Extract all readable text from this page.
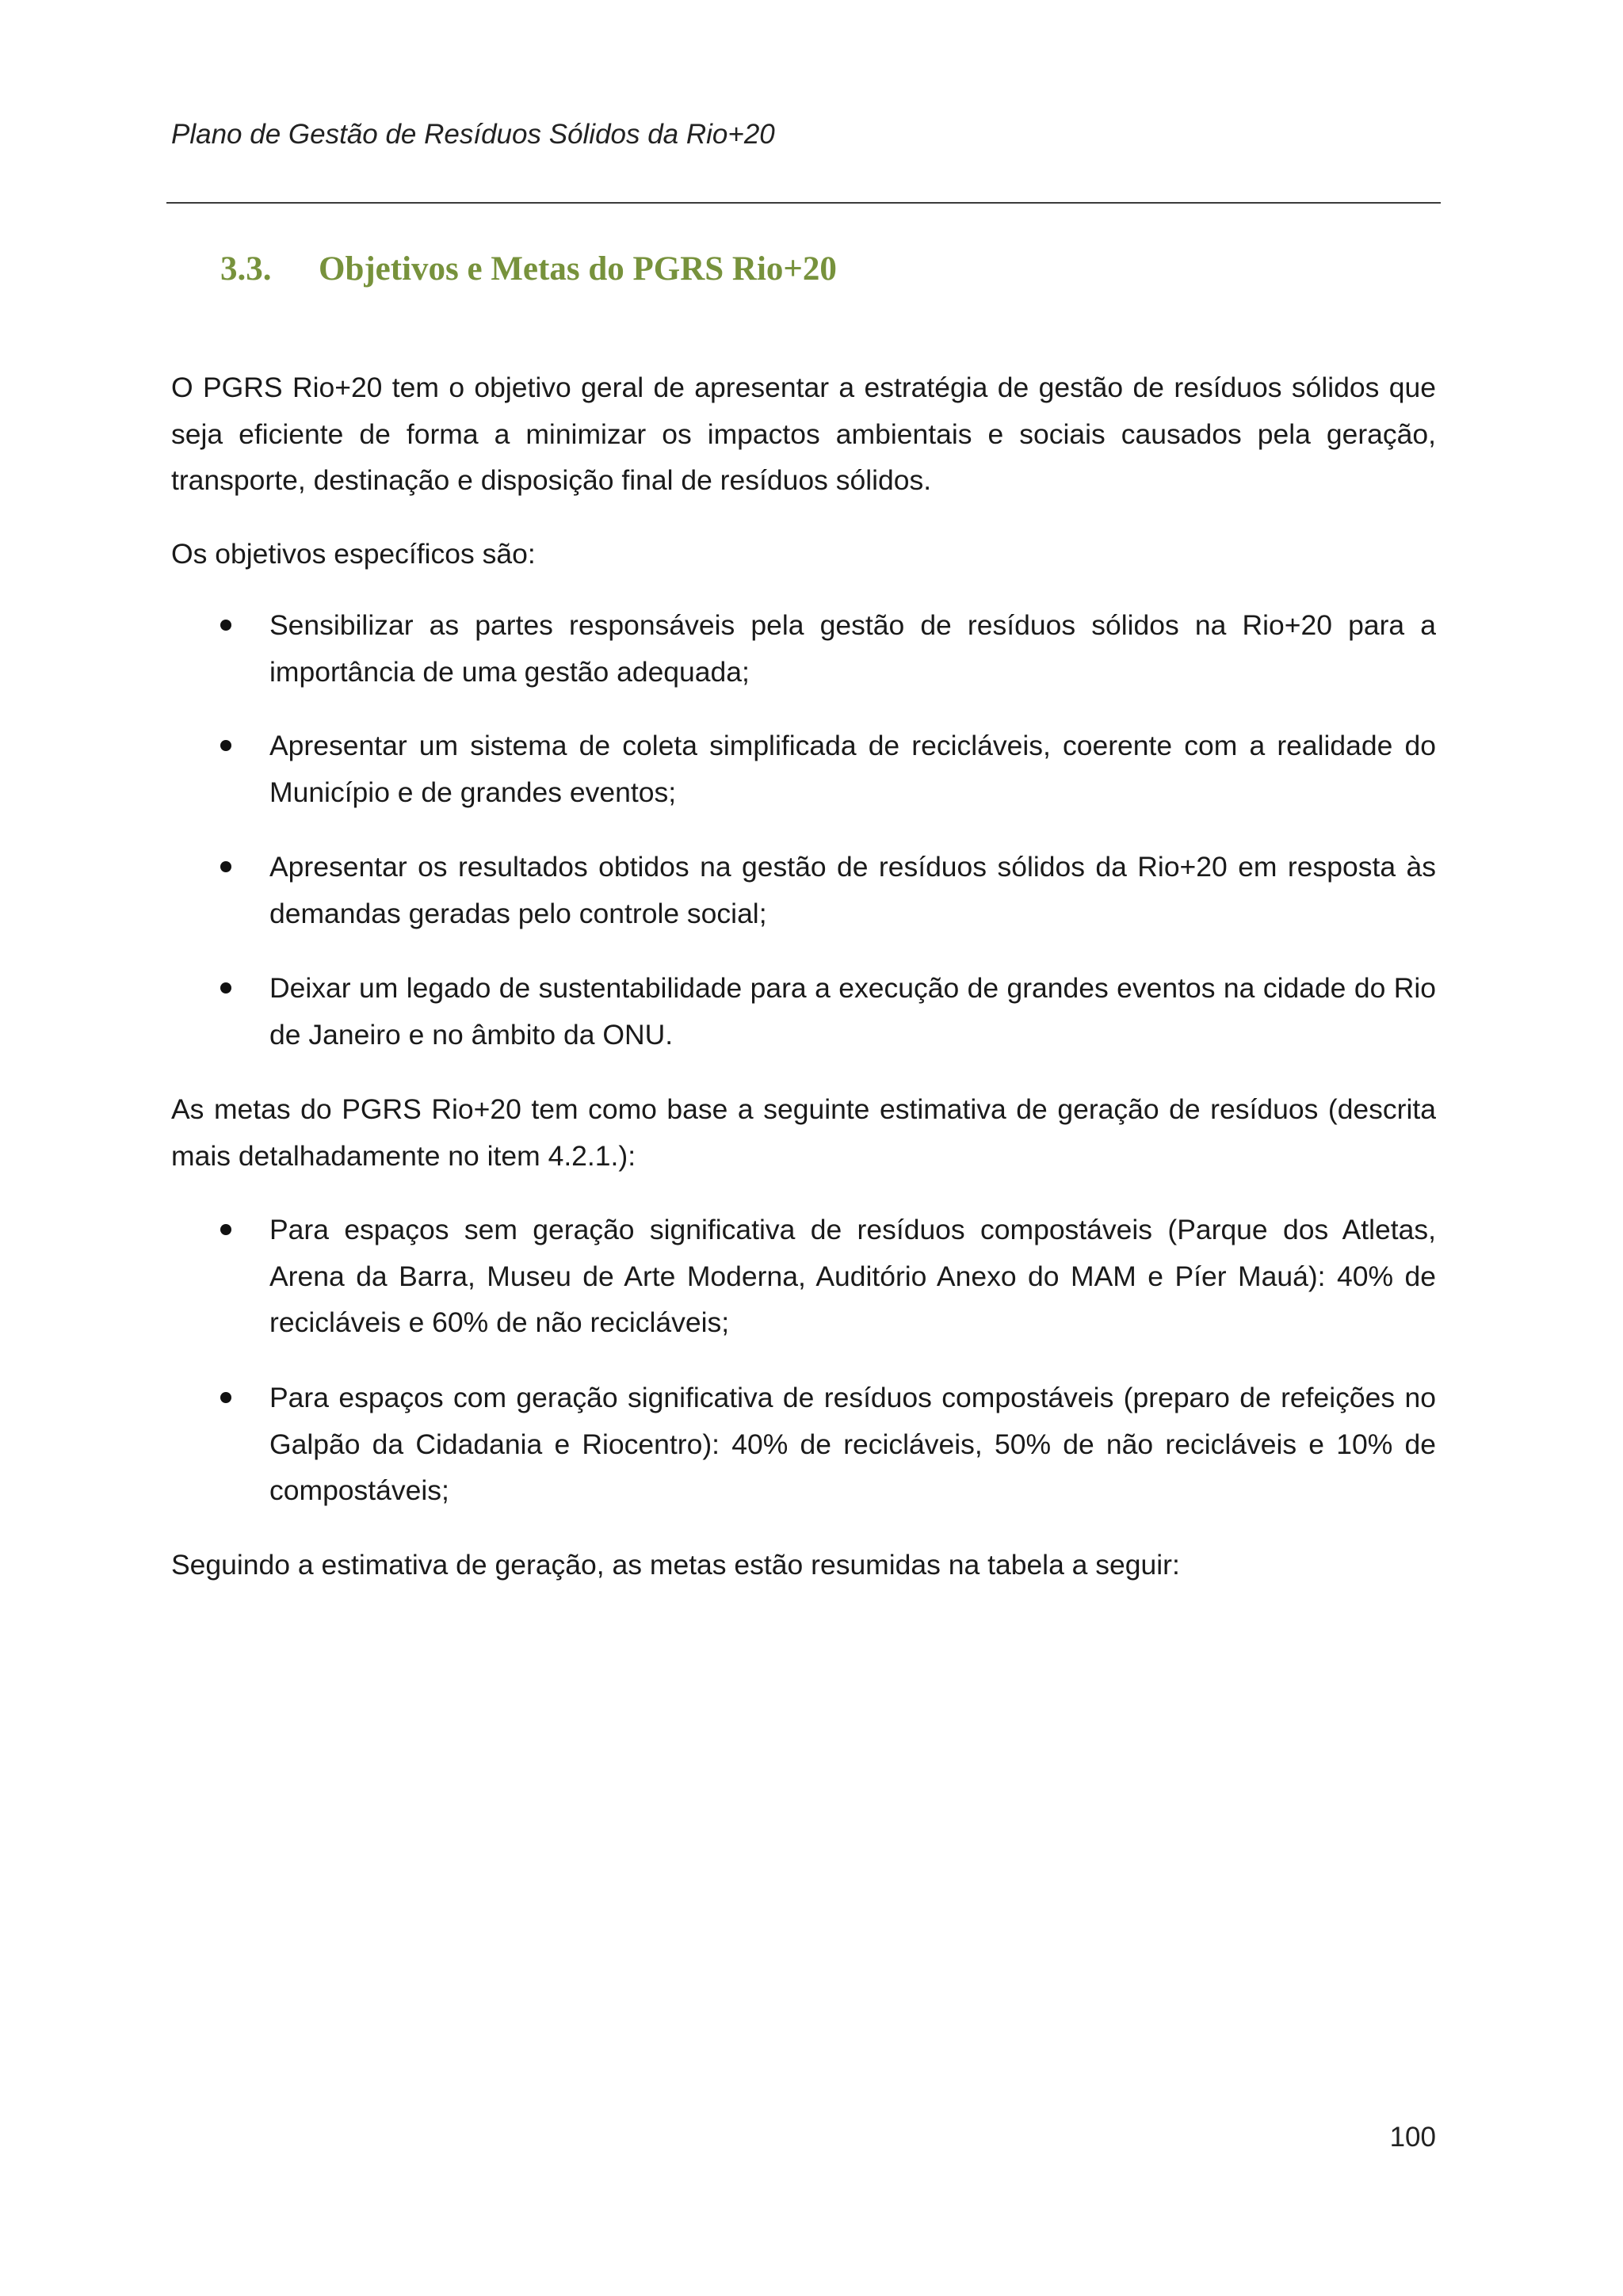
Plano de Gestão de Resíduos Sólidos da Rio+20
3.3. Objetivos e Metas do PGRS Rio+20

O PGRS Rio+20 tem o objetivo geral de apresentar a estratégia de gestão de resíduos sólidos que seja eficiente de forma a minimizar os impactos ambientais e sociais causados pela geração, transporte, destinação e disposição final de resíduos sólidos.

Os objetivos específicos são:

Sensibilizar as partes responsáveis pela gestão de resíduos sólidos na Rio+20 para a importância de uma gestão adequada;
Apresentar um sistema de coleta simplificada de recicláveis, coerente com a realidade do Município e de grandes eventos;
Apresentar os resultados obtidos na gestão de resíduos sólidos da Rio+20 em resposta às demandas geradas pelo controle social;
Deixar um legado de sustentabilidade para a execução de grandes eventos na cidade do Rio de Janeiro e no âmbito da ONU.

As metas do PGRS Rio+20 tem como base a seguinte estimativa de geração de resíduos (descrita mais detalhadamente no item 4.2.1.):

Para espaços sem geração significativa de resíduos compostáveis (Parque dos Atletas, Arena da Barra, Museu de Arte Moderna, Auditório Anexo do MAM e Píer Mauá): 40% de recicláveis e 60% de não recicláveis;
Para espaços com geração significativa de resíduos compostáveis (preparo de refeições no Galpão da Cidadania e Riocentro): 40% de recicláveis, 50% de não recicláveis e 10% de compostáveis;

Seguindo a estimativa de geração, as metas estão resumidas na tabela a seguir:

100
